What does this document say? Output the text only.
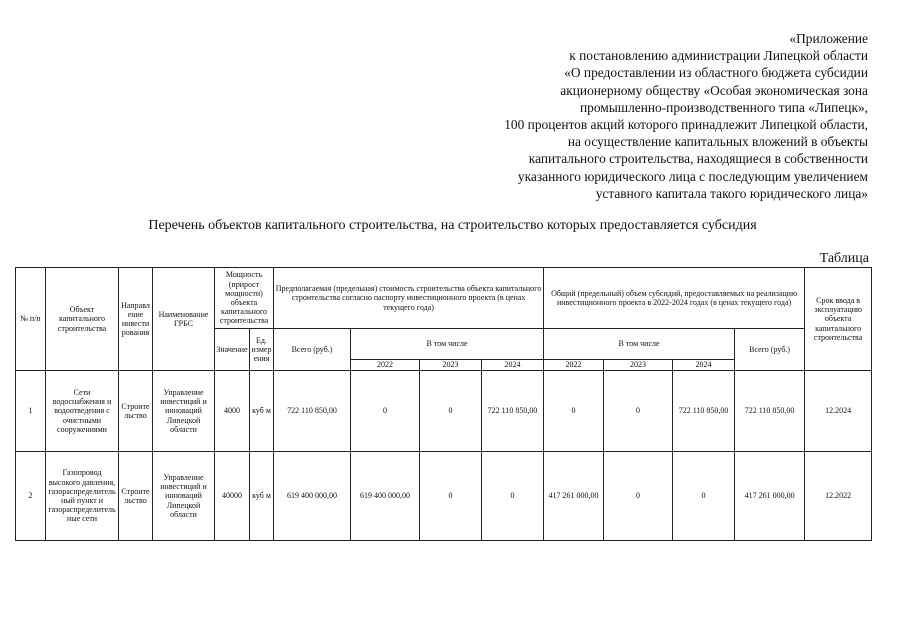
«Приложение
к постановлению администрации Липецкой области
«О предоставлении из областного бюджета субсидии
акционерному обществу «Особая экономическая зона
промышленно-производственного типа «Липецк»,
100 процентов акций которого принадлежит Липецкой области,
на осуществление капитальных вложений в объекты
капитального строительства, находящиеся в собственности
указанного юридического лица с последующим увеличением
уставного капитала такого юридического лица»
Перечень объектов капитального строительства, на строительство которых предоставляется субсидия
Таблица
№ п/п	Объект капитального строительства	Направление инвестирования	Наименование ГРБС	Мощность (прирост мощности) объекта капитального строительства		Предполагаемая (предельная) стоимость строительства объекта капитального строительства согласно паспорту инвестиционного проекта (в ценах текущего года)				Общий (предельный) объем субсидий, предоставляемых на реализацию инвестиционного проекта в 2022-2024 годах (в ценах текущего года)				Срок ввода в эксплуатацию объекта капитального строительства
				Значение	Ед. измерения	Всего (руб.)	В том числе			В том числе			Всего (руб.)	
							2022	2023	2024	2022	2023	2024		
1	Сети водоснабжения и водоотведения с очистными сооружениями	Строительство	Управление инвестиций и инноваций Липецкой области	4000	куб м	722 110 850,00	0	0	722 110 850,00	0	0	722 110 850,00	722 110 850,00	12.2024
2	Газопровод высокого давления, газораспределительный пункт и газораспределительные сети	Строительство	Управление инвестиций и инноваций Липецкой области	40000	куб м	619 400 000,00	619 400 000,00	0	0	417 261 000,00	0	0	417 261 000,00	12.2022
